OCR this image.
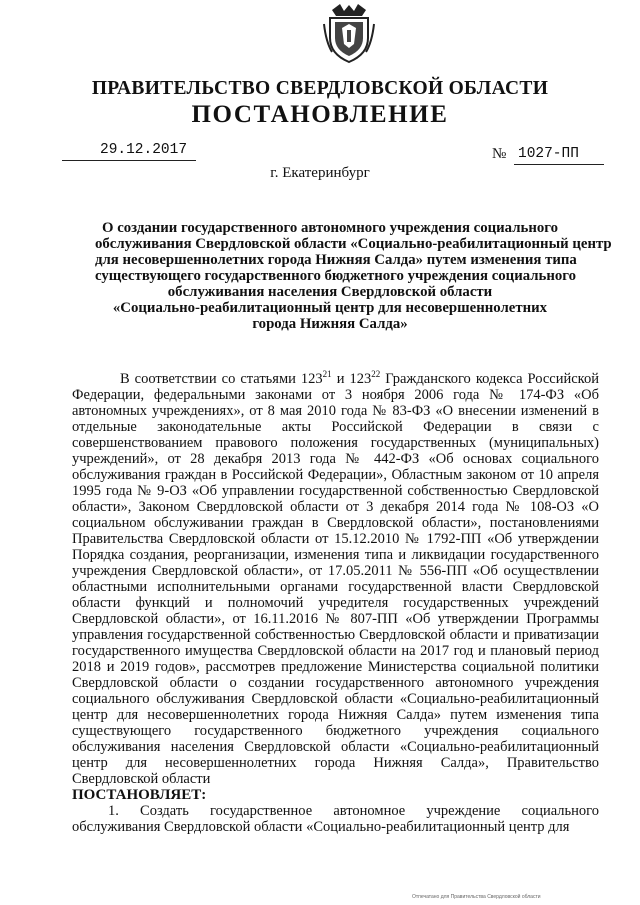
ПРАВИТЕЛЬСТВО СВЕРДЛОВСКОЙ ОБЛАСТИ
ПОСТАНОВЛЕНИЕ
29.12.2017	№ 1027-ПП
г. Екатеринбург
О создании государственного автономного учреждения социального
обслуживания Свердловской области «Социально-реабилитационный центр
для несовершеннолетних города Нижняя Салда» путем изменения типа
существующего государственного бюджетного учреждения социального
обслуживания населения Свердловской области
«Социально-реабилитационный центр для несовершеннолетних
города Нижняя Салда»

В соответствии со статьями $123^{21}$ и $123^{22}$ Гражданского кодекса Российской Федерации, федеральными законами от 3 ноября 2006 года № 174-ФЗ «Об автономных учреждениях», от 8 мая 2010 года № 83-ФЗ «О внесении изменений в отдельные законодательные акты Российской Федерации в связи с совершенствованием правового положения государственных (муниципальных) учреждений», от 28 декабря 2013 года № 442-ФЗ «Об основах социального обслуживания граждан в Российской Федерации», Областным законом от 10 апреля 1995 года № 9-ОЗ «Об управлении государственной собственностью Свердловской области», Законом Свердловской области от 3 декабря 2014 года № 108-ОЗ «О социальном обслуживании граждан в Свердловской области», постановлениями Правительства Свердловской области от 15.12.2010 № 1792-ПП «Об утверждении Порядка создания, реорганизации, изменения типа и ликвидации государственного учреждения Свердловской области», от 17.05.2011 № 556-ПП «Об осуществлении областными исполнительными органами государственной власти Свердловской области функций и полномочий учредителя государственных учреждений Свердловской области», от 16.11.2016 № 807-ПП «Об утверждении Программы управления государственной собственностью Свердловской области и приватизации государственного имущества Свердловской области на 2017 год и плановый период 2018 и 2019 годов», рассмотрев предложение Министерства социальной политики Свердловской области о создании государственного автономного учреждения социального обслуживания Свердловской области «Социально-реабилитационный центр для несовершеннолетних города Нижняя Салда» путем изменения типа существующего государственного бюджетного учреждения социального обслуживания населения Свердловской области «Социально-реабилитационный центр для несовершеннолетних города Нижняя Салда», Правительство Свердловской области

ПОСТАНОВЛЯЕТ:

1. Создать государственное автономное учреждение социального обслуживания Свердловской области «Социально-реабилитационный центр для

Отпечатано для Правительства Свердловской области
